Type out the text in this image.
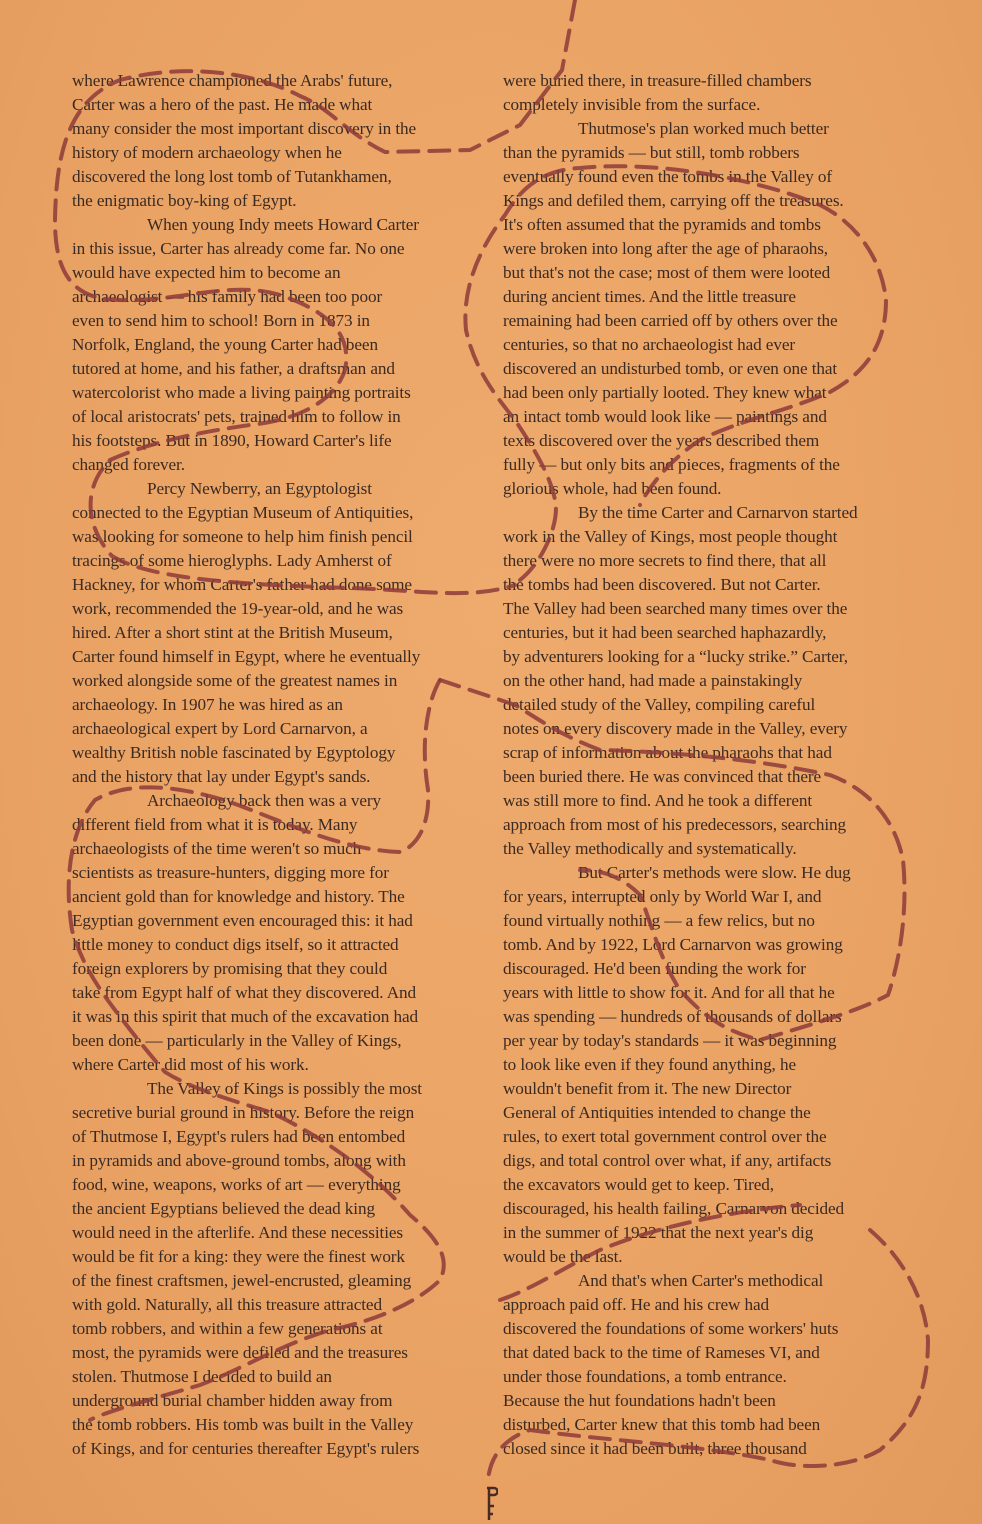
where Lawrence championed the Arabs' future,
Carter was a hero of the past. He made what
many consider the most important discovery in the
history of modern archaeology when he
discovered the long lost tomb of Tutankhamen,
the enigmatic boy-king of Egypt.
When young Indy meets Howard Carter
in this issue, Carter has already come far. No one
would have expected him to become an
archaeologist — his family had been too poor
even to send him to school! Born in 1873 in
Norfolk, England, the young Carter had been
tutored at home, and his father, a draftsman and
watercolorist who made a living painting portraits
of local aristocrats' pets, trained him to follow in
his footsteps. But in 1890, Howard Carter's life
changed forever.
Percy Newberry, an Egyptologist
connected to the Egyptian Museum of Antiquities,
was looking for someone to help him finish pencil
tracings of some hieroglyphs. Lady Amherst of
Hackney, for whom Carter's father had done some
work, recommended the 19-year-old, and he was
hired. After a short stint at the British Museum,
Carter found himself in Egypt, where he eventually
worked alongside some of the greatest names in
archaeology. In 1907 he was hired as an
archaeological expert by Lord Carnarvon, a
wealthy British noble fascinated by Egyptology
and the history that lay under Egypt's sands.
Archaeology back then was a very
different field from what it is today. Many
archaeologists of the time weren't so much
scientists as treasure-hunters, digging more for
ancient gold than for knowledge and history. The
Egyptian government even encouraged this: it had
little money to conduct digs itself, so it attracted
foreign explorers by promising that they could
take from Egypt half of what they discovered. And
it was in this spirit that much of the excavation had
been done — particularly in the Valley of Kings,
where Carter did most of his work.
The Valley of Kings is possibly the most
secretive burial ground in history. Before the reign
of Thutmose I, Egypt's rulers had been entombed
in pyramids and above-ground tombs, along with
food, wine, weapons, works of art — everything
the ancient Egyptians believed the dead king
would need in the afterlife. And these necessities
would be fit for a king: they were the finest work
of the finest craftsmen, jewel-encrusted, gleaming
with gold. Naturally, all this treasure attracted
tomb robbers, and within a few generations at
most, the pyramids were defiled and the treasures
stolen. Thutmose I decided to build an
underground burial chamber hidden away from
the tomb robbers. His tomb was built in the Valley
of Kings, and for centuries thereafter Egypt's rulers
were buried there, in treasure-filled chambers
completely invisible from the surface.
Thutmose's plan worked much better
than the pyramids — but still, tomb robbers
eventually found even the tombs in the Valley of
Kings and defiled them, carrying off the treasures.
It's often assumed that the pyramids and tombs
were broken into long after the age of pharaohs,
but that's not the case; most of them were looted
during ancient times. And the little treasure
remaining had been carried off by others over the
centuries, so that no archaeologist had ever
discovered an undisturbed tomb, or even one that
had been only partially looted. They knew what
an intact tomb would look like — paintings and
texts discovered over the years described them
fully — but only bits and pieces, fragments of the
glorious whole, had been found.
By the time Carter and Carnarvon started
work in the Valley of Kings, most people thought
there were no more secrets to find there, that all
the tombs had been discovered. But not Carter.
The Valley had been searched many times over the
centuries, but it had been searched haphazardly,
by adventurers looking for a “lucky strike.” Carter,
on the other hand, had made a painstakingly
detailed study of the Valley, compiling careful
notes on every discovery made in the Valley, every
scrap of information about the pharaohs that had
been buried there. He was convinced that there
was still more to find. And he took a different
approach from most of his predecessors, searching
the Valley methodically and systematically.
But Carter's methods were slow. He dug
for years, interrupted only by World War I, and
found virtually nothing — a few relics, but no
tomb. And by 1922, Lord Carnarvon was growing
discouraged. He'd been funding the work for
years with little to show for it. And for all that he
was spending — hundreds of thousands of dollars
per year by today's standards — it was beginning
to look like even if they found anything, he
wouldn't benefit from it. The new Director
General of Antiquities intended to change the
rules, to exert total government control over the
digs, and total control over what, if any, artifacts
the excavators would get to keep. Tired,
discouraged, his health failing, Carnarvon decided
in the summer of 1922 that the next year's dig
would be the last.
And that's when Carter's methodical
approach paid off. He and his crew had
discovered the foundations of some workers' huts
that dated back to the time of Rameses VI, and
under those foundations, a tomb entrance.
Because the hut foundations hadn't been
disturbed, Carter knew that this tomb had been
closed since it had been built, three thousand
